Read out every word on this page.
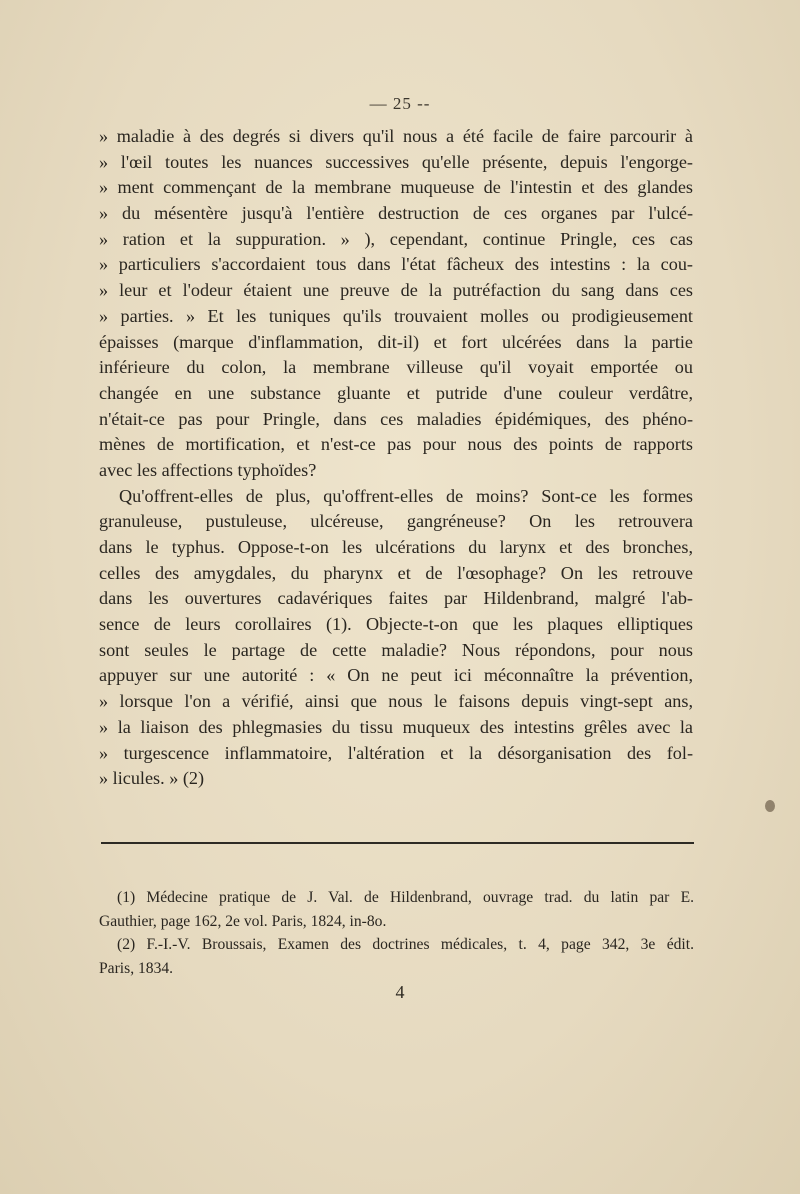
— 25 --
» maladie à des degrés si divers qu'il nous a été facile de faire parcourir à
» l'œil toutes les nuances successives qu'elle présente, depuis l'engorge-
» ment commençant de la membrane muqueuse de l'intestin et des glandes
» du mésentère jusqu'à l'entière destruction de ces organes par l'ulcé-
» ration et la suppuration. » ), cependant, continue Pringle, ces cas
» particuliers s'accordaient tous dans l'état fâcheux des intestins : la cou-
» leur et l'odeur étaient une preuve de la putréfaction du sang dans ces
» parties. » Et les tuniques qu'ils trouvaient molles ou prodigieusement
épaisses (marque d'inflammation, dit-il) et fort ulcérées dans la partie
inférieure du colon, la membrane villeuse qu'il voyait emportée ou
changée en une substance gluante et putride d'une couleur verdâtre,
n'était-ce pas pour Pringle, dans ces maladies épidémiques, des phéno-
mènes de mortification, et n'est-ce pas pour nous des points de rapports
avec les affections typhoïdes?
Qu'offrent-elles de plus, qu'offrent-elles de moins? Sont-ce les formes
granuleuse, pustuleuse, ulcéreuse, gangréneuse? On les retrouvera
dans le typhus. Oppose-t-on les ulcérations du larynx et des bronches,
celles des amygdales, du pharynx et de l'œsophage? On les retrouve
dans les ouvertures cadavériques faites par Hildenbrand, malgré l'ab-
sence de leurs corollaires (1). Objecte-t-on que les plaques elliptiques
sont seules le partage de cette maladie? Nous répondons, pour nous
appuyer sur une autorité : « On ne peut ici méconnaître la prévention,
» lorsque l'on a vérifié, ainsi que nous le faisons depuis vingt-sept ans,
» la liaison des phlegmasies du tissu muqueux des intestins grêles avec la
» turgescence inflammatoire, l'altération et la désorganisation des fol-
» licules. » (2)
(1) Médecine pratique de J. Val. de Hildenbrand, ouvrage trad. du latin par E.
Gauthier, page 162, 2e vol. Paris, 1824, in-8o.
(2) F.-I.-V. Broussais, Examen des doctrines médicales, t. 4, page 342, 3e édit.
Paris, 1834.
4
